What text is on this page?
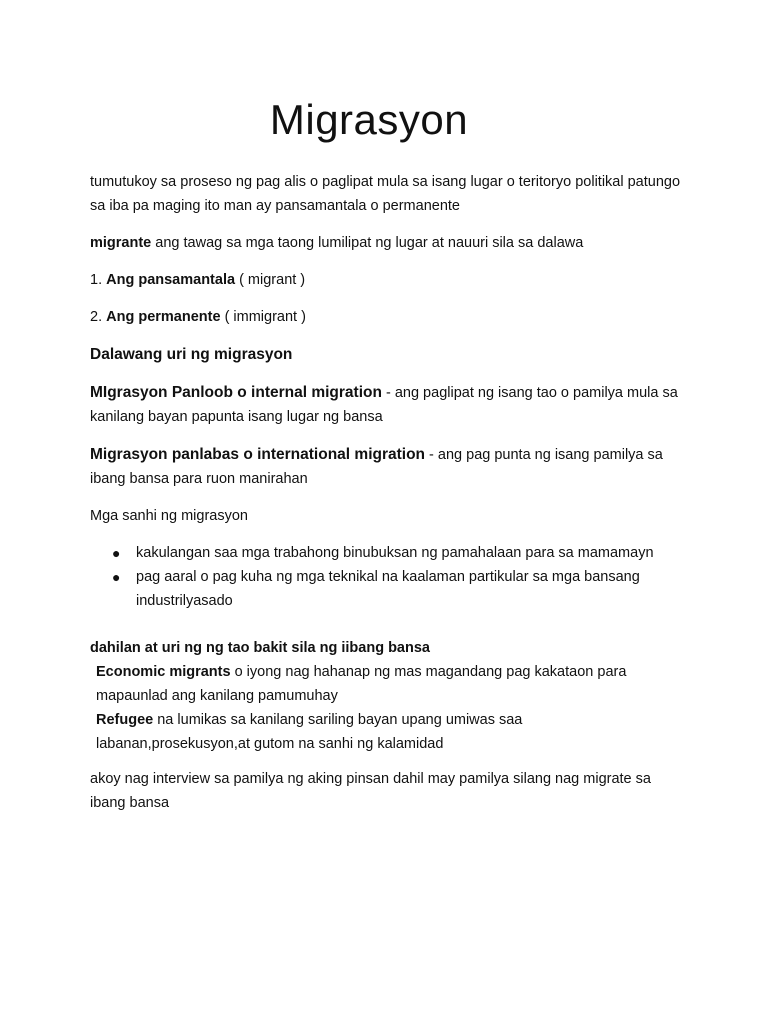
Migrasyon

tumutukoy sa proseso ng pag alis o paglipat mula sa isang lugar o teritoryo politikal patungo sa iba pa maging ito man ay pansamantala o permanente

migrante ang tawag sa mga taong lumilipat ng lugar at nauuri sila sa dalawa

1. Ang pansamantala ( migrant )

2. Ang permanente ( immigrant )

Dalawang uri ng migrasyon

MIgrasyon Panloob o internal migration - ang paglipat ng isang tao o pamilya mula sa kanilang bayan papunta isang lugar ng bansa

Migrasyon panlabas o international migration - ang pag punta ng isang pamilya sa ibang bansa para ruon manirahan

Mga sanhi ng migrasyon

● kakulangan saa mga trabahong binubuksan ng pamahalaan para sa mamamayn
● pag aaral o pag kuha ng mga teknikal na kaalaman partikular sa mga bansang industrilyasado

dahilan at uri ng ng tao bakit sila ng iibang bansa

Economic migrants o iyong nag hahanap ng mas magandang pag kakataon para mapaunlad ang kanilang pamumuhay

Refugee na lumikas sa kanilang sariling bayan upang umiwas saa labanan,prosekusyon,at gutom na sanhi ng kalamidad

akoy nag interview sa pamilya ng aking pinsan dahil may pamilya silang nag migrate sa ibang bansa
